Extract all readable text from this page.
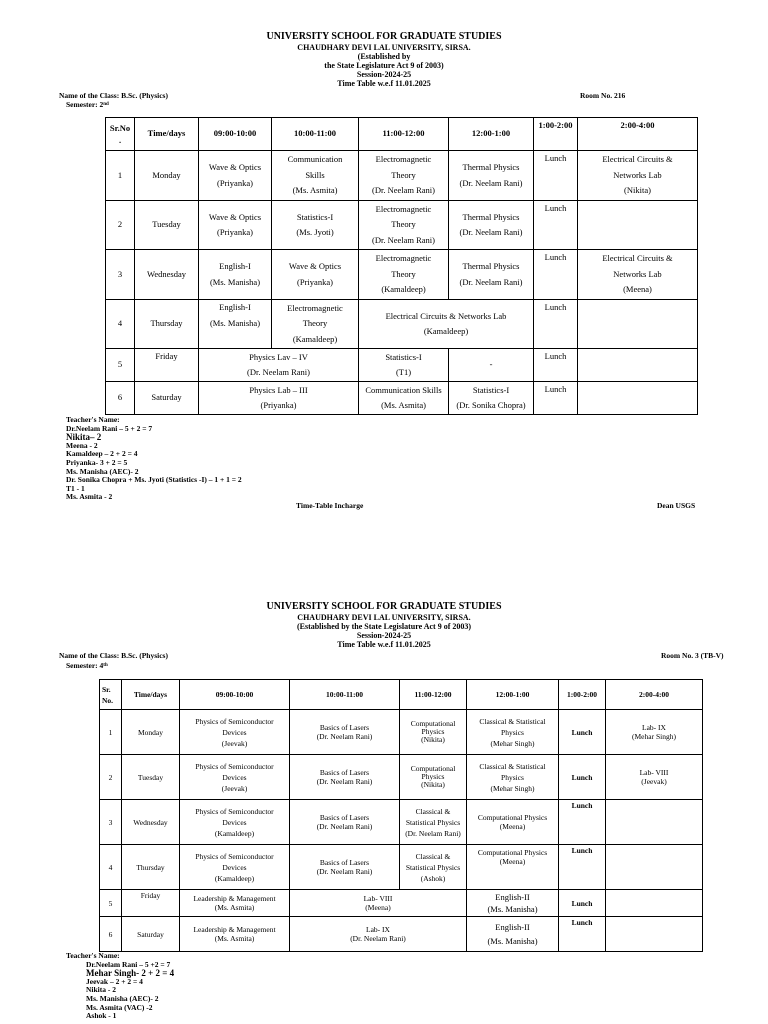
UNIVERSITY SCHOOL FOR GRADUATE STUDIES
CHAUDHARY DEVI LAL UNIVERSITY, SIRSA.
(Established by
the State Legislature Act 9 of 2003)
Session-2024-25
Time Table w.e.f 11.01.2025
Name of the Class: B.Sc. (Physics)
Semester: 2nd
Room No. 216
Sr.No .	Time/days	09:00-10:00	10:00-11:00	11:00-12:00	12:00-1:00	1:00-2:00	2:00-4:00
1	Monday	Wave & Optics
(Priyanka)	Communication
Skills
(Ms. Asmita)	Electromagnetic
Theory
(Dr. Neelam Rani)	Thermal Physics
(Dr. Neelam Rani)	Lunch	Electrical Circuits &
Networks Lab
(Nikita)

2	Tuesday	Wave & Optics
(Priyanka)	Statistics-I
(Ms. Jyoti)	Electromagnetic
Theory
(Dr. Neelam Rani)	Thermal Physics
(Dr. Neelam Rani)	Lunch	
3	Wednesday	English-I
(Ms. Manisha)	Wave & Optics
(Priyanka)	Electromagnetic
Theory
(Kamaldeep)	Thermal Physics
(Dr. Neelam Rani)	Lunch	Electrical Circuits &
Networks Lab
(Meena)

4	Thursday	English-I
(Ms. Manisha)	Electromagnetic
Theory
(Kamaldeep)	Electrical Circuits & Networks Lab
(Kamaldeep)		Lunch	
5	Friday	Physics Lav – IV
(Dr. Neelam Rani)		Statistics-I
(T1)	-	Lunch	
6	Saturday	Physics Lab – III
(Priyanka)		Communication Skills
(Ms. Asmita)	Statistics-I
(Dr. Sonika Chopra)	Lunch	
Teacher's Name:
Dr.Neelam Rani – 5 + 2 = 7
Nikita– 2
Meena - 2
Kamaldeep – 2 + 2 = 4
Priyanka- 3 + 2 = 5
Ms. Manisha (AEC)- 2
Dr. Sonika Chopra + Ms. Jyoti (Statistics -I) – 1 + 1 = 2
T1 - 1
Ms. Asmita - 2
Time-Table Incharge	Dean USGS
UNIVERSITY SCHOOL FOR GRADUATE STUDIES
CHAUDHARY DEVI LAL UNIVERSITY, SIRSA.
(Established by the State Legislature Act 9 of 2003)
Session-2024-25
Time Table w.e.f 11.01.2025
Name of the Class: B.Sc. (Physics)
Semester: 4th
Room No. 3 (TB-V)
Sr. No.	Time/days	09:00-10:00	10:00-11:00	11:00-12:00	12:00-1:00	1:00-2:00	2:00-4:00
1	Monday	Physics of Semiconductor
Devices
(Jeevak)	Basics of Lasers
(Dr. Neelam Rani)	Computational
Physics
(Nikita)	Classical & Statistical
Physics
(Mehar Singh)	Lunch	Lab- IX
(Mehar Singh)

2	Tuesday	Physics of Semiconductor
Devices
(Jeevak)	Basics of Lasers
(Dr. Neelam Rani)	Computational
Physics
(Nikita)	Classical & Statistical
Physics
(Mehar Singh)	Lunch	Lab- VIII
(Jeevak)

3	Wednesday	Physics of Semiconductor
Devices
(Kamaldeep)	Basics of Lasers
(Dr. Neelam Rani)	Classical &
Statistical Physics
(Dr. Neelam Rani)	Computational Physics
(Meena)	Lunch	
4	Thursday	Physics of Semiconductor
Devices
(Kamaldeep)	Basics of Lasers
(Dr. Neelam Rani)	Classical &
Statistical Physics
(Ashok)	Computational Physics
(Meena)	Lunch	
5	Friday	Leadership & Management
(Ms. Asmita)	Lab- VIII
(Meena)		English-II
(Ms. Manisha)	Lunch	
6	Saturday	Leadership & Management
(Ms. Asmita)	Lab- IX
(Dr. Neelam Rani)		English-II
(Ms. Manisha)	Lunch	
Teacher's Name:
Dr.Neelam Rani – 5 +2 = 7
Mehar Singh- 2 + 2 = 4
Jeevak – 2 + 2 = 4
Nikita - 2
Ms. Manisha (AEC)- 2
Ms. Asmita (VAC) -2
Ashok - 1
